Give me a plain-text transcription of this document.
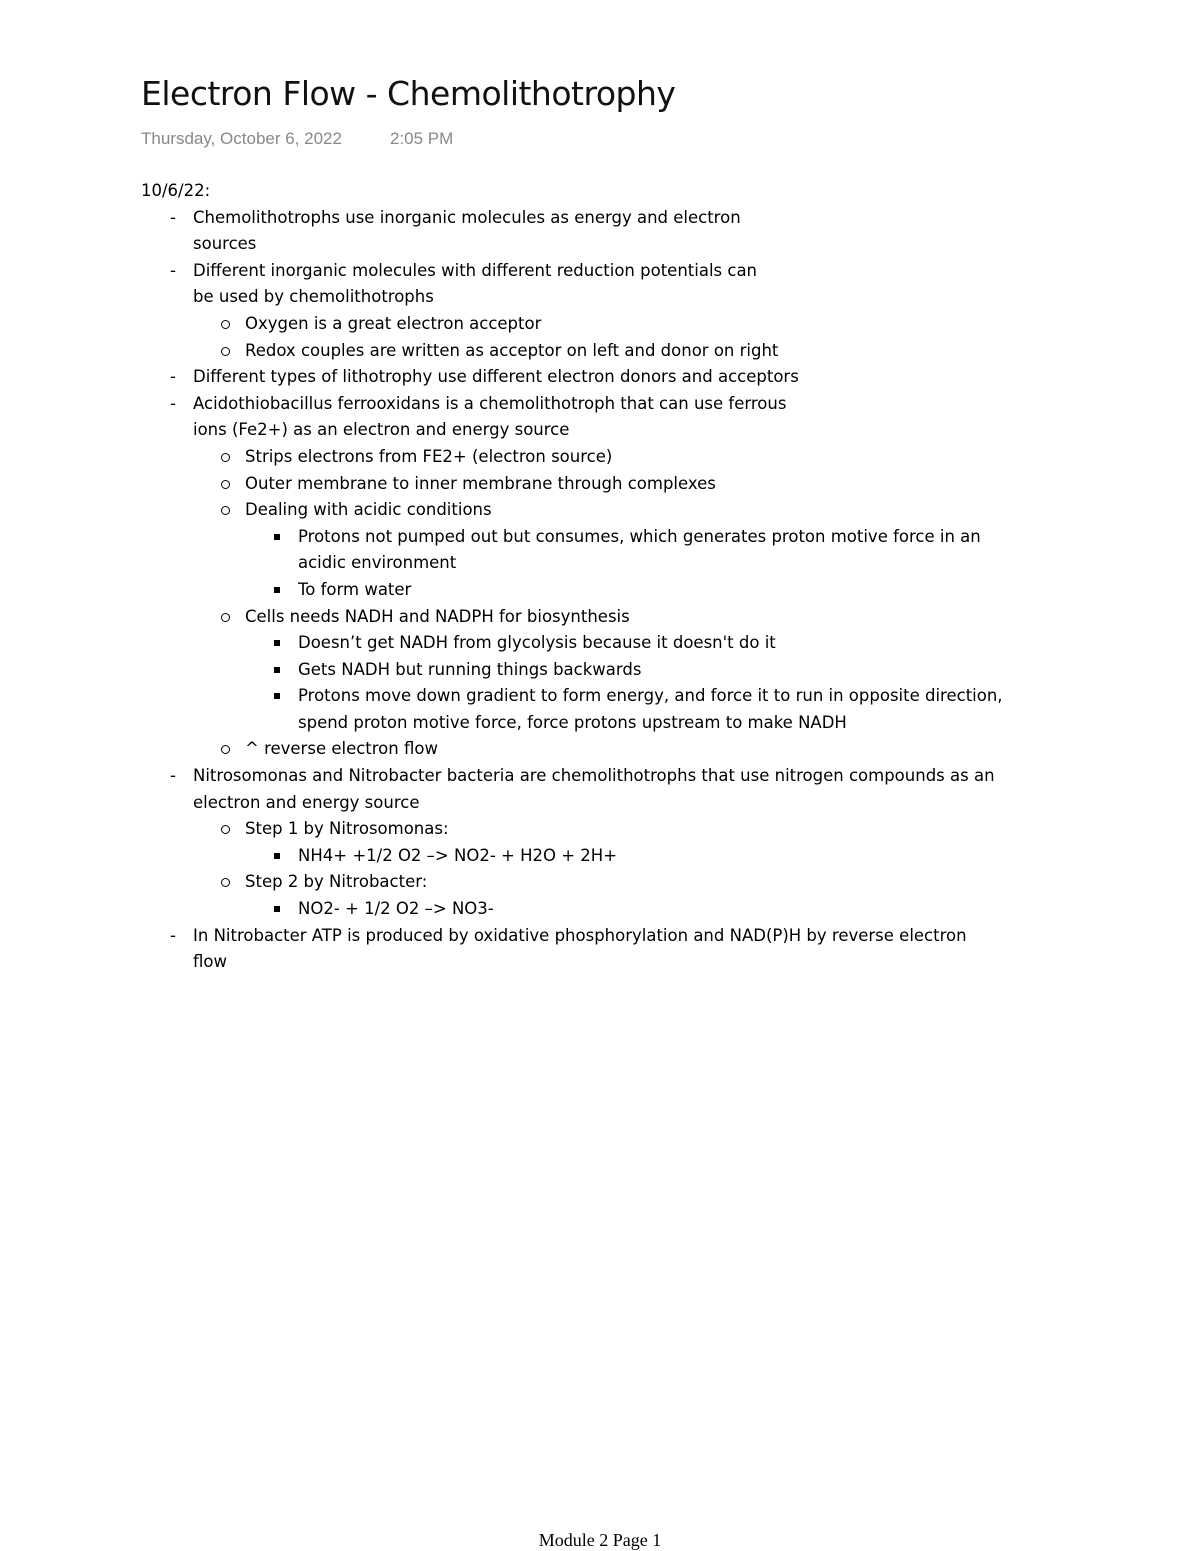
Electron Flow - Chemolithotrophy
Thursday, October 6, 2022	2:05 PM
10/6/22:
- Chemolithotrophs use inorganic molecules as energy and electron
sources
- Different inorganic molecules with different reduction potentials can
be used by chemolithotrophs
Oxygen is a great electron acceptor
Redox couples are written as acceptor on left and donor on right
- Different types of lithotrophy use different electron donors and acceptors
- Acidothiobacillus ferrooxidans is a chemolithotroph that can use ferrous
ions (Fe2+) as an electron and energy source
Strips electrons from FE2+ (electron source)
Outer membrane to inner membrane through complexes
Dealing with acidic conditions
Protons not pumped out but consumes, which generates proton motive force in an
acidic environment
To form water
Cells needs NADH and NADPH for biosynthesis
Doesn’t get NADH from glycolysis because it doesn't do it
Gets NADH but running things backwards
Protons move down gradient to form energy, and force it to run in opposite direction,
spend proton motive force, force protons upstream to make NADH
^ reverse electron flow
- Nitrosomonas and Nitrobacter bacteria are chemolithotrophs that use nitrogen compounds as an
electron and energy source
Step 1 by Nitrosomonas:
NH4+ +1/2 O2 –> NO2- + H2O + 2H+
Step 2 by Nitrobacter:
NO2- + 1/2 O2 –> NO3-
- In Nitrobacter ATP is produced by oxidative phosphorylation and NAD(P)H by reverse electron
flow
Module 2 Page 1
